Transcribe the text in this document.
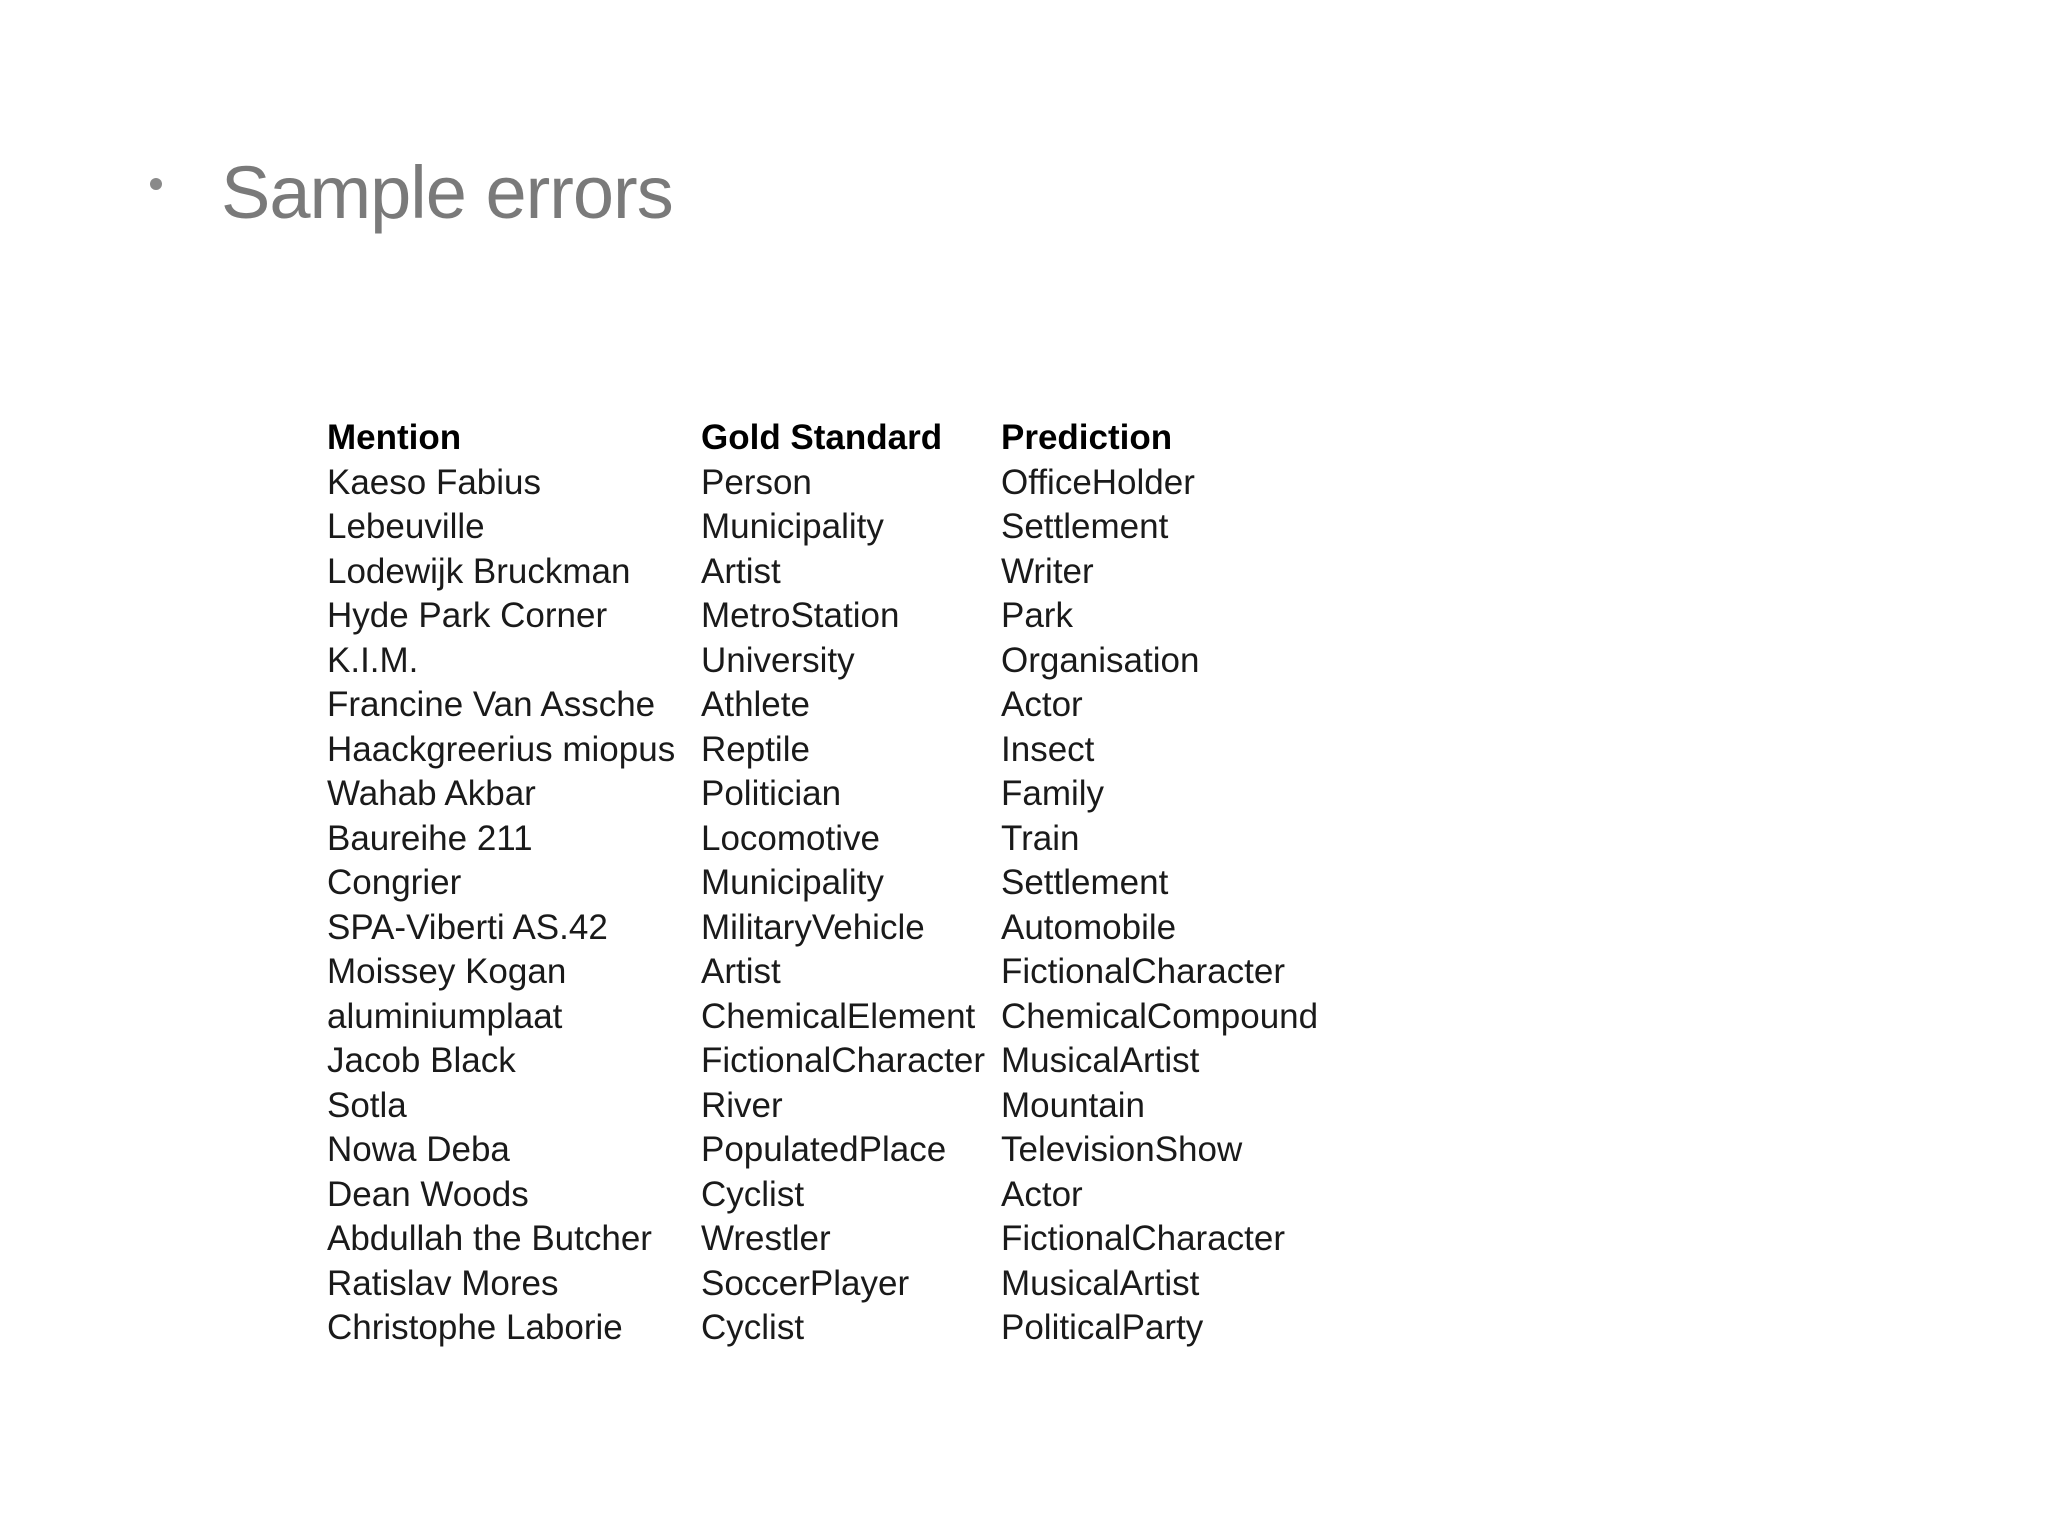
Sample errors
Mention	Gold Standard	Prediction
Kaeso Fabius	Person	OfficeHolder
Lebeuville	Municipality	Settlement
Lodewijk Bruckman	Artist	Writer
Hyde Park Corner	MetroStation	Park
K.I.M.	University	Organisation
Francine Van Assche	Athlete	Actor
Haackgreerius miopus	Reptile	Insect
Wahab Akbar	Politician	Family
Baureihe 211	Locomotive	Train
Congrier	Municipality	Settlement
SPA-Viberti AS.42	MilitaryVehicle	Automobile
Moissey Kogan	Artist	FictionalCharacter
aluminiumplaat	ChemicalElement	ChemicalCompound
Jacob Black	FictionalCharacter	MusicalArtist
Sotla	River	Mountain
Nowa Deba	PopulatedPlace	TelevisionShow
Dean Woods	Cyclist	Actor
Abdullah the Butcher	Wrestler	FictionalCharacter
Ratislav Mores	SoccerPlayer	MusicalArtist
Christophe Laborie	Cyclist	PoliticalParty
